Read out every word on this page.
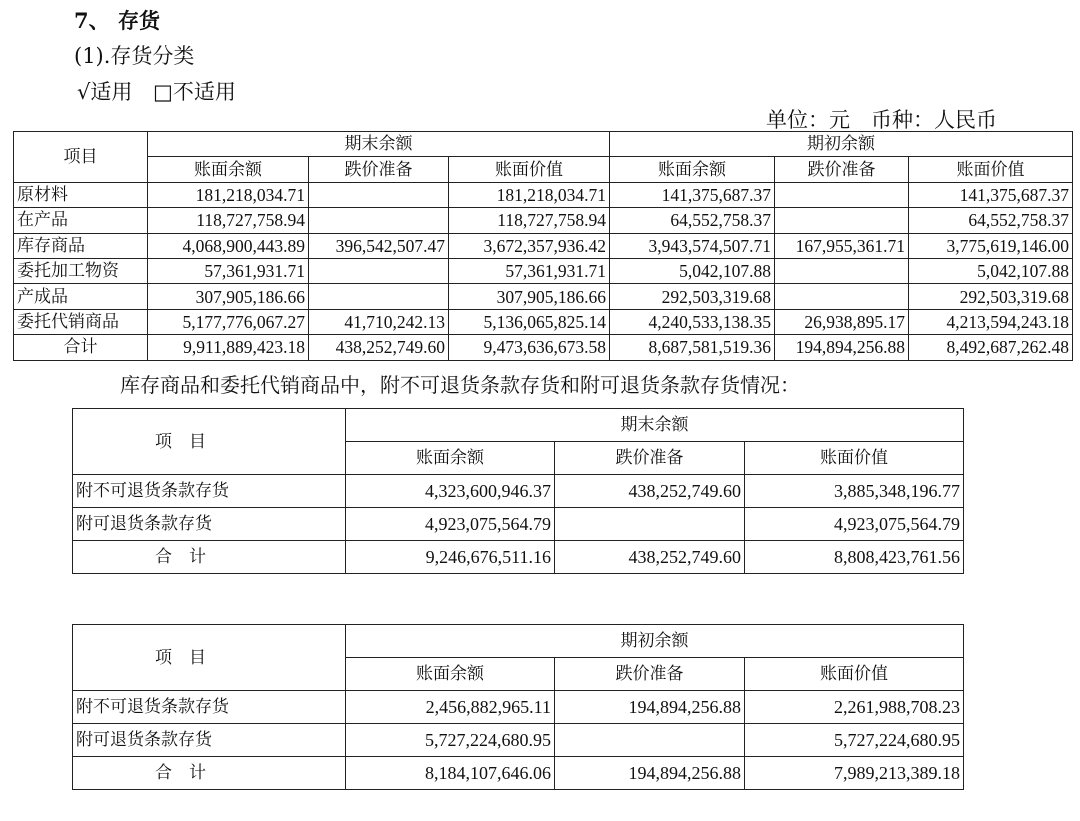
7、 存货
(1).存货分类
√适用 □不适用
单位：元　币种：人民币
项目	期末余额			期初余额		
	账面余额	跌价准备	账面价值	账面余额	跌价准备	账面价值
原材料	181,218,034.71		181,218,034.71	141,375,687.37		141,375,687.37
在产品	118,727,758.94		118,727,758.94	64,552,758.37		64,552,758.37
库存商品	4,068,900,443.89	396,542,507.47	3,672,357,936.42	3,943,574,507.71	167,955,361.71	3,775,619,146.00
委托加工物资	57,361,931.71		57,361,931.71	5,042,107.88		5,042,107.88
产成品	307,905,186.66		307,905,186.66	292,503,319.68		292,503,319.68
委托代销商品	5,177,776,067.27	41,710,242.13	5,136,065,825.14	4,240,533,138.35	26,938,895.17	4,213,594,243.18
合计	9,911,889,423.18	438,252,749.60	9,473,636,673.58	8,687,581,519.36	194,894,256.88	8,492,687,262.48
库存商品和委托代销商品中，附不可退货条款存货和附可退货条款存货情况：
项　目	期末余额		
	账面余额	跌价准备	账面价值
附不可退货条款存货	4,323,600,946.37	438,252,749.60	3,885,348,196.77
附可退货条款存货	4,923,075,564.79		4,923,075,564.79
合　计	9,246,676,511.16	438,252,749.60	8,808,423,761.56
项　目	期初余额		
	账面余额	跌价准备	账面价值
附不可退货条款存货	2,456,882,965.11	194,894,256.88	2,261,988,708.23
附可退货条款存货	5,727,224,680.95		5,727,224,680.95
合　计	8,184,107,646.06	194,894,256.88	7,989,213,389.18
